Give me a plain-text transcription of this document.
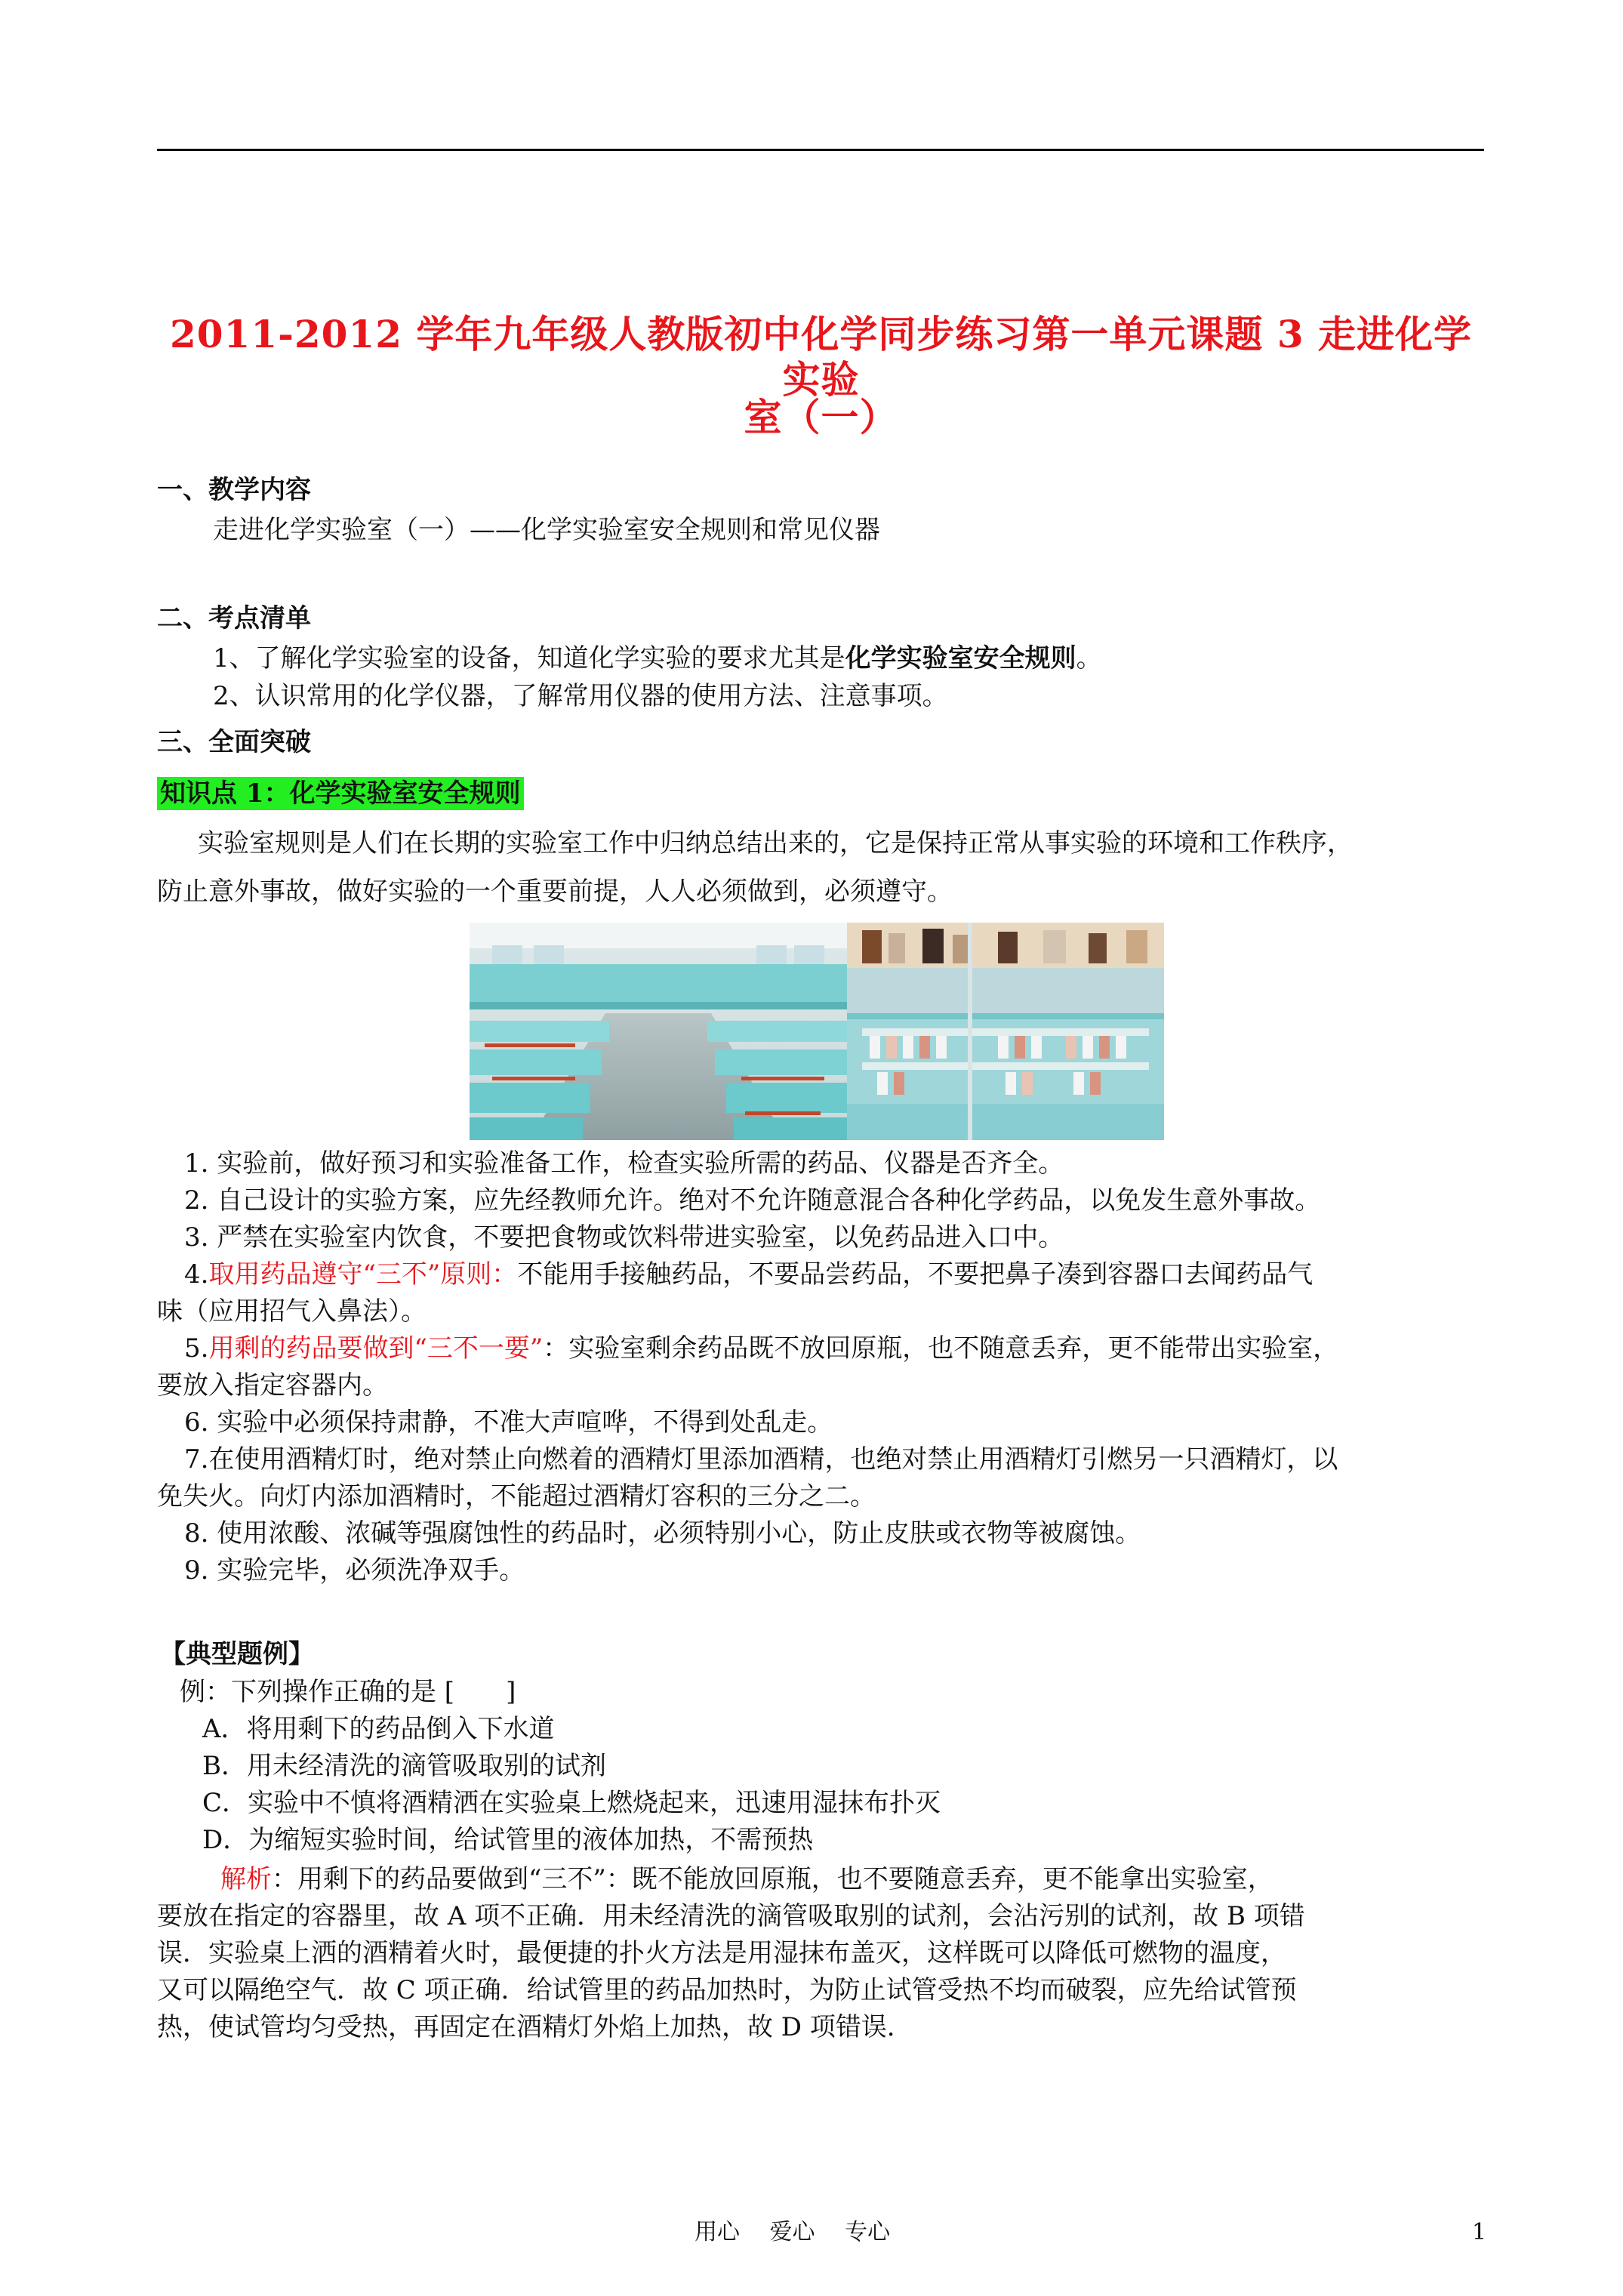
2011-2012 学年九年级人教版初中化学同步练习第一单元课题 3 走进化学实验
室（一）
一、教学内容
走进化学实验室（一）——化学实验室安全规则和常见仪器
二、考点清单
1、了解化学实验室的设备，知道化学实验的要求尤其是化学实验室安全规则。
2、认识常用的化学仪器，了解常用仪器的使用方法、注意事项。
三、全面突破
知识点 1：化学实验室安全规则
实验室规则是人们在长期的实验室工作中归纳总结出来的，它是保持正常从事实验的环境和工作秩序，
防止意外事故，做好实验的一个重要前提，人人必须做到，必须遵守。
1. 实验前，做好预习和实验准备工作，检查实验所需的药品、仪器是否齐全。
2. 自己设计的实验方案，应先经教师允许。绝对不允许随意混合各种化学药品，以免发生意外事故。
3. 严禁在实验室内饮食，不要把食物或饮料带进实验室，以免药品进入口中。
4.取用药品遵守“三不”原则：不能用手接触药品，不要品尝药品，不要把鼻子凑到容器口去闻药品气
味（应用招气入鼻法）。
5.用剩的药品要做到“三不一要”：实验室剩余药品既不放回原瓶，也不随意丢弃，更不能带出实验室，
要放入指定容器内。
6. 实验中必须保持肃静，不准大声喧哗，不得到处乱走。
7.在使用酒精灯时，绝对禁止向燃着的酒精灯里添加酒精，也绝对禁止用酒精灯引燃另一只酒精灯，以
免失火。向灯内添加酒精时，不能超过酒精灯容积的三分之二。
8. 使用浓酸、浓碱等强腐蚀性的药品时，必须特别小心，防止皮肤或衣物等被腐蚀。
9. 实验完毕，必须洗净双手。
【典型题例】
例：下列操作正确的是 [　　]
A．将用剩下的药品倒入下水道
B．用未经清洗的滴管吸取别的试剂
C．实验中不慎将酒精洒在实验桌上燃烧起来，迅速用湿抹布扑灭
D．为缩短实验时间，给试管里的液体加热，不需预热
解析：用剩下的药品要做到“三不”：既不能放回原瓶，也不要随意丢弃，更不能拿出实验室，
要放在指定的容器里，故 A 项不正确．用未经清洗的滴管吸取别的试剂，会沾污别的试剂，故 B 项错
误．实验桌上洒的酒精着火时，最便捷的扑火方法是用湿抹布盖灭，这样既可以降低可燃物的温度，
又可以隔绝空气．故 C 项正确．给试管里的药品加热时，为防止试管受热不均而破裂，应先给试管预
热，使试管均匀受热，再固定在酒精灯外焰上加热，故 D 项错误．
用心　 爱心　 专心	1
